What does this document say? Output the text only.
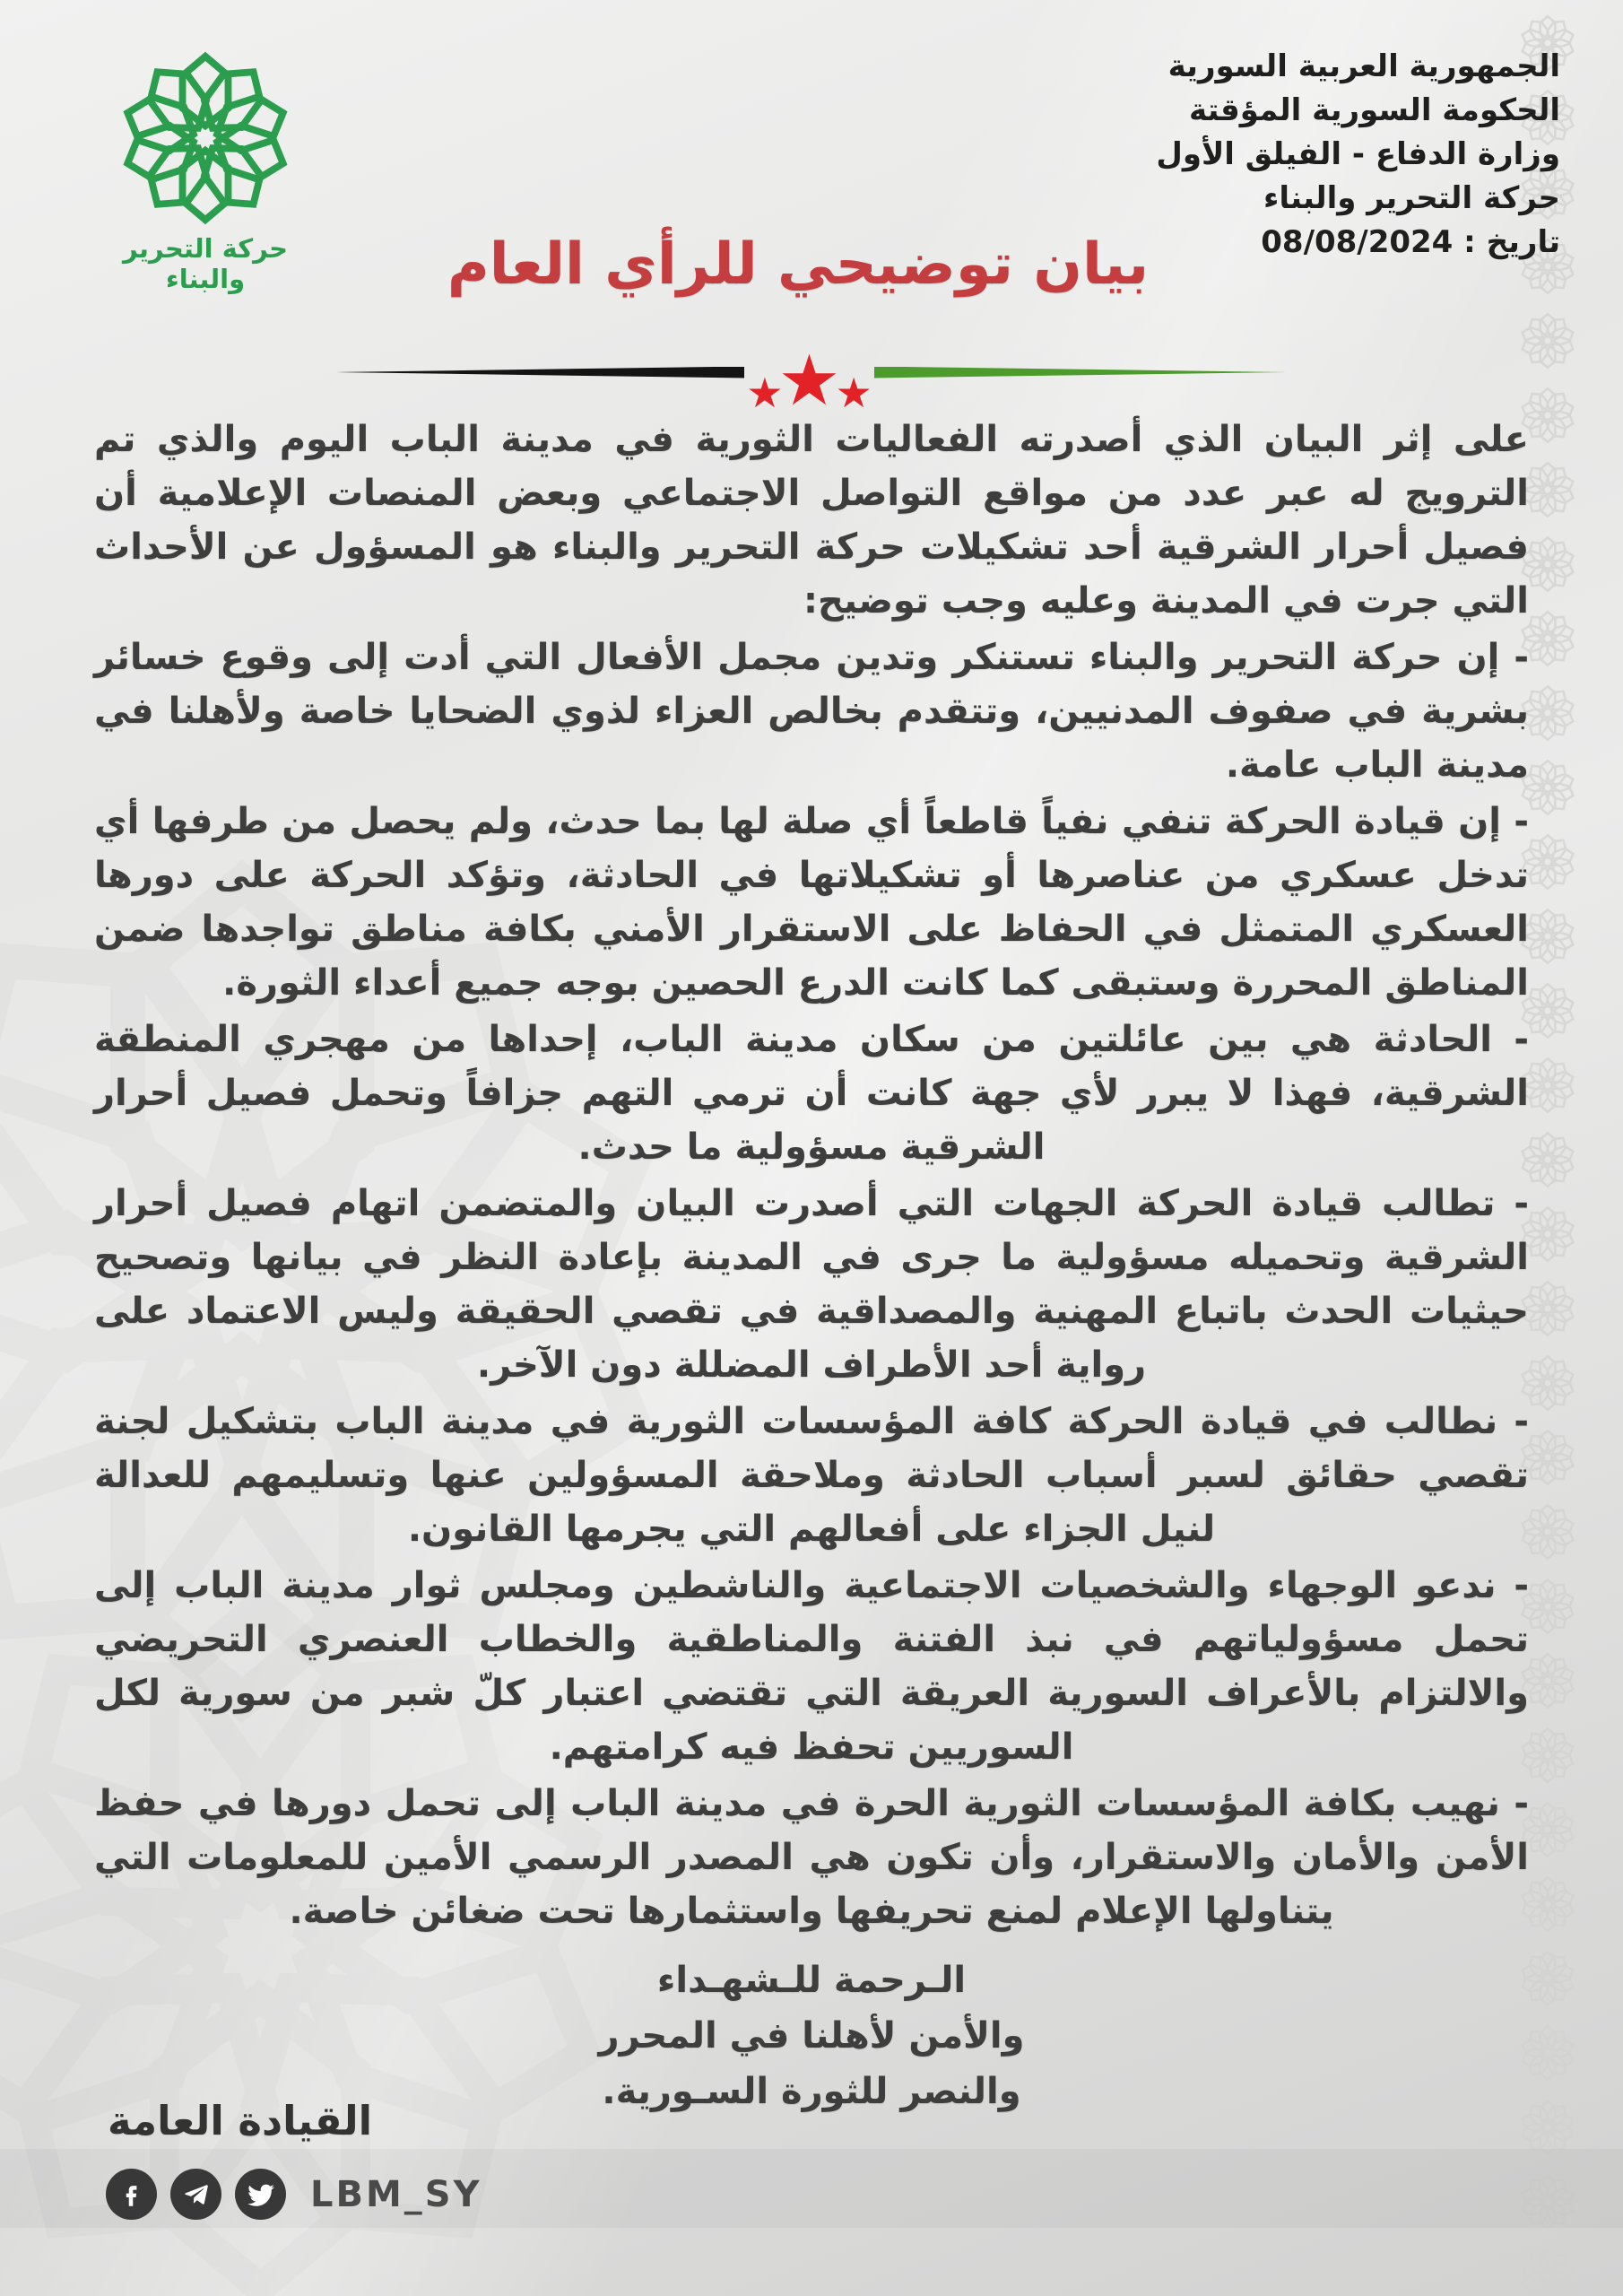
الجمهورية العربية السورية
الحكومة السورية المؤقتة
وزارة الدفاع - الفيلق الأول
حركة التحرير والبناء
تاريخ : 08/08/2024
حركة التحرير والبناء	بيان توضيحي للرأي العام
★
★
★

على إثر البيان الذي أصدرته الفعاليات الثورية في مدينة الباب اليوم والذي تم الترويج له عبر عدد من مواقع التواصل الاجتماعي وبعض المنصات الإعلامية أن فصيل أحرار الشرقية أحد تشكيلات حركة التحرير والبناء هو المسؤول عن الأحداث التي جرت في المدينة وعليه وجب توضيح:

- إن حركة التحرير والبناء تستنكر وتدين مجمل الأفعال التي أدت إلى وقوع خسائر بشرية في صفوف المدنيين، وتتقدم بخالص العزاء لذوي الضحايا خاصة ولأهلنا في مدينة الباب عامة.

- إن قيادة الحركة تنفي نفياً قاطعاً أي صلة لها بما حدث، ولم يحصل من طرفها أي تدخل عسكري من عناصرها أو تشكيلاتها في الحادثة، وتؤكد الحركة على دورها العسكري المتمثل في الحفاظ على الاستقرار الأمني بكافة مناطق تواجدها ضمن المناطق المحررة وستبقى كما كانت الدرع الحصين بوجه جميع أعداء الثورة.

- الحادثة هي بين عائلتين من سكان مدينة الباب، إحداها من مهجري المنطقة الشرقية، فهذا لا يبرر لأي جهة كانت أن ترمي التهم جزافاً وتحمل فصيل أحرار الشرقية مسؤولية ما حدث.

- تطالب قيادة الحركة الجهات التي أصدرت البيان والمتضمن اتهام فصيل أحرار الشرقية وتحميله مسؤولية ما جرى في المدينة بإعادة النظر في بيانها وتصحيح حيثيات الحدث باتباع المهنية والمصداقية في تقصي الحقيقة وليس الاعتماد على رواية أحد الأطراف المضللة دون الآخر.

- نطالب في قيادة الحركة كافة المؤسسات الثورية في مدينة الباب بتشكيل لجنة تقصي حقائق لسبر أسباب الحادثة وملاحقة المسؤولين عنها وتسليمهم للعدالة لنيل الجزاء على أفعالهم التي يجرمها القانون.

- ندعو الوجهاء والشخصيات الاجتماعية والناشطين ومجلس ثوار مدينة الباب إلى تحمل مسؤولياتهم في نبذ الفتنة والمناطقية والخطاب العنصري التحريضي والالتزام بالأعراف السورية العريقة التي تقتضي اعتبار كلّ شبر من سورية لكل السوريين تحفظ فيه كرامتهم.

- نهيب بكافة المؤسسات الثورية الحرة في مدينة الباب إلى تحمل دورها في حفظ الأمن والأمان والاستقرار، وأن تكون هي المصدر الرسمي الأمين للمعلومات التي يتناولها الإعلام لمنع تحريفها واستثمارها تحت ضغائن خاصة.

الـرحمة للـشهـداء
والأمن لأهلنا في المحرر
والنصر للثورة السـورية.
القيادة العامة
LBM_SY
